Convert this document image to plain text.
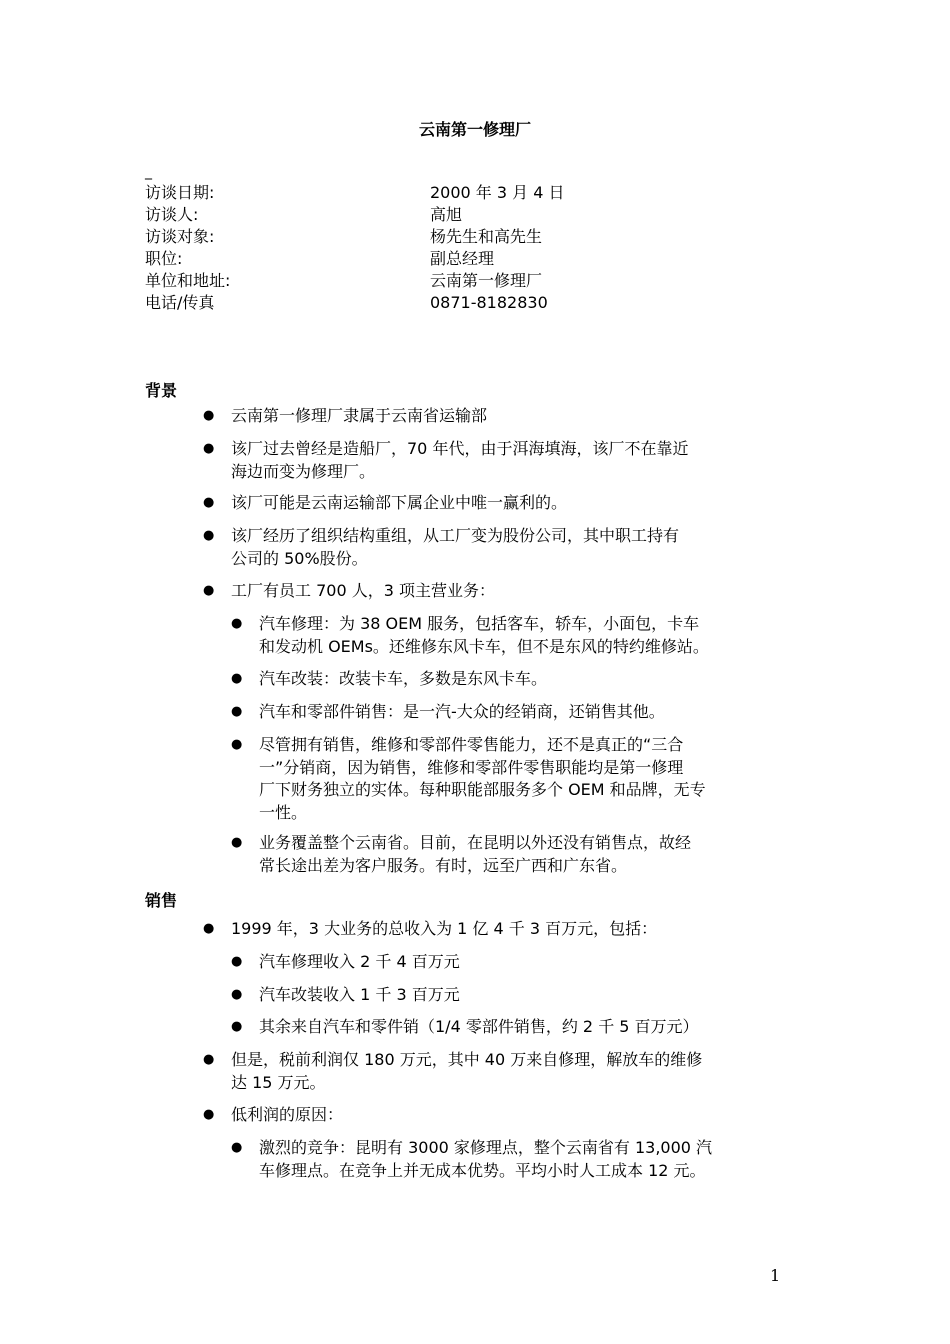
云南第一修理厂
_
访谈日期:	2000 年 3 月 4 日
访谈人:	高旭
访谈对象:	杨先生和高先生
职位:	副总经理
单位和地址:	云南第一修理厂
电话/传真	0871-8182830
背景
● 云南第一修理厂隶属于云南省运输部
● 该厂过去曾经是造船厂，70 年代，由于洱海填海，该厂不在靠近
海边而变为修理厂。
● 该厂可能是云南运输部下属企业中唯一赢利的。
● 该厂经历了组织结构重组，从工厂变为股份公司，其中职工持有
公司的 50%股份。
● 工厂有员工 700 人，3 项主营业务：
● 汽车修理：为 38 OEM 服务，包括客车，轿车，小面包，卡车
和发动机 OEMs。还维修东风卡车，但不是东风的特约维修站。
● 汽车改装：改装卡车，多数是东风卡车。
● 汽车和零部件销售：是一汽-大众的经销商，还销售其他。
● 尽管拥有销售，维修和零部件零售能力，还不是真正的“三合
一”分销商，因为销售，维修和零部件零售职能均是第一修理
厂下财务独立的实体。每种职能部服务多个 OEM 和品牌，无专
一性。
● 业务覆盖整个云南省。目前，在昆明以外还没有销售点，故经
常长途出差为客户服务。有时，远至广西和广东省。
销售
● 1999 年，3 大业务的总收入为 1 亿 4 千 3 百万元，包括：
● 汽车修理收入 2 千 4 百万元
● 汽车改装收入 1 千 3 百万元
● 其余来自汽车和零件销（1/4 零部件销售，约 2 千 5 百万元）
● 但是，税前利润仅 180 万元，其中 40 万来自修理，解放车的维修
达 15 万元。
● 低利润的原因：
● 激烈的竞争：昆明有 3000 家修理点，整个云南省有 13,000 汽
车修理点。在竞争上并无成本优势。平均小时人工成本 12 元。
1
